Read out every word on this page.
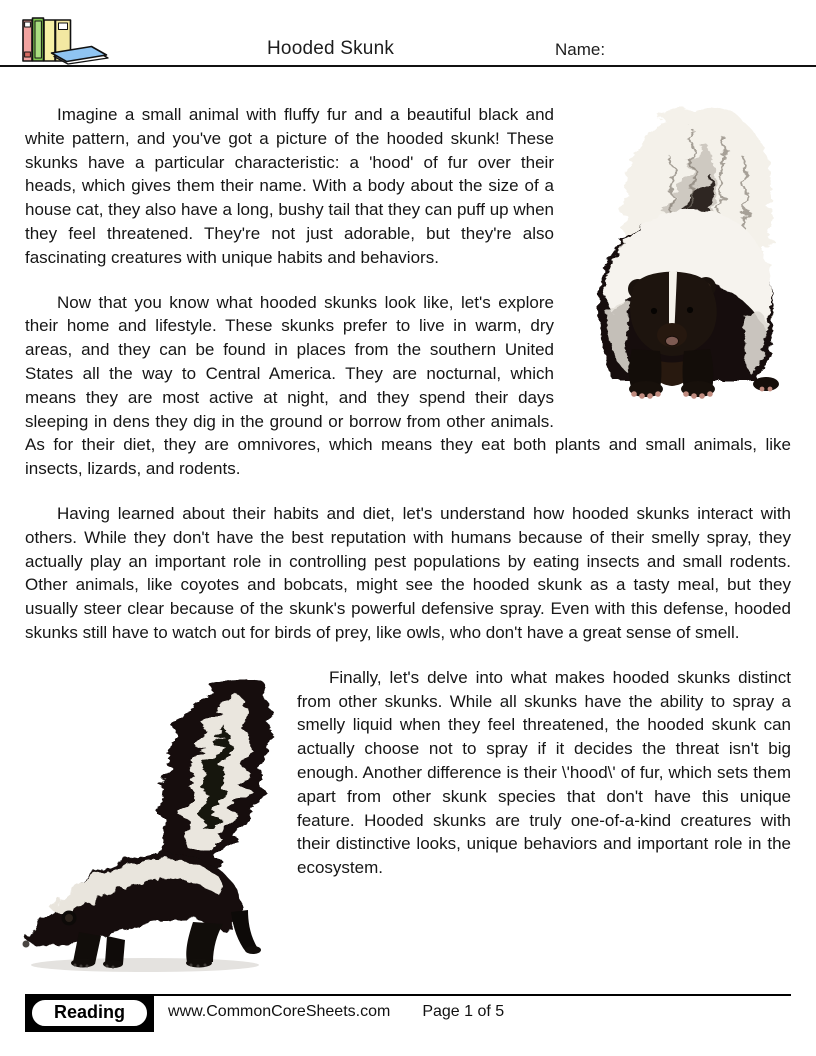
Hooded Skunk	Name:

Imagine a small animal with fluffy fur and a beautiful black and white pattern, and you've got a picture of the hooded skunk! These skunks have a particular characteristic: a 'hood' of fur over their heads, which gives them their name. With a body about the size of a house cat, they also have a long, bushy tail that they can puff up when they feel threatened. They're not just adorable, but they're also fascinating creatures with unique habits and behaviors.

Now that you know what hooded skunks look like, let's explore their home and lifestyle. These skunks prefer to live in warm, dry areas, and they can be found in places from the southern United States all the way to Central America. They are nocturnal, which means they are most active at night, and they spend their days sleeping in dens they dig in the ground or borrow from other animals. As for their diet, they are omnivores, which means they eat both plants and small animals, like insects, lizards, and rodents.

Having learned about their habits and diet, let's understand how hooded skunks interact with others. While they don't have the best reputation with humans because of their smelly spray, they actually play an important role in controlling pest populations by eating insects and small rodents. Other animals, like coyotes and bobcats, might see the hooded skunk as a tasty meal, but they usually steer clear because of the skunk's powerful defensive spray. Even with this defense, hooded skunks still have to watch out for birds of prey, like owls, who don't have a great sense of smell.

Finally, let's delve into what makes hooded skunks distinct from other skunks. While all skunks have the ability to spray a smelly liquid when they feel threatened, the hooded skunk can actually choose not to spray if it decides the threat isn't big enough. Another difference is their \'hood\' of fur, which sets them apart from other skunk species that don't have this unique feature. Hooded skunks are truly one-of-a-kind creatures with their distinctive looks, unique behaviors and important role in the ecosystem.

Reading	www.CommonCoreSheets.com Page 1 of 5
